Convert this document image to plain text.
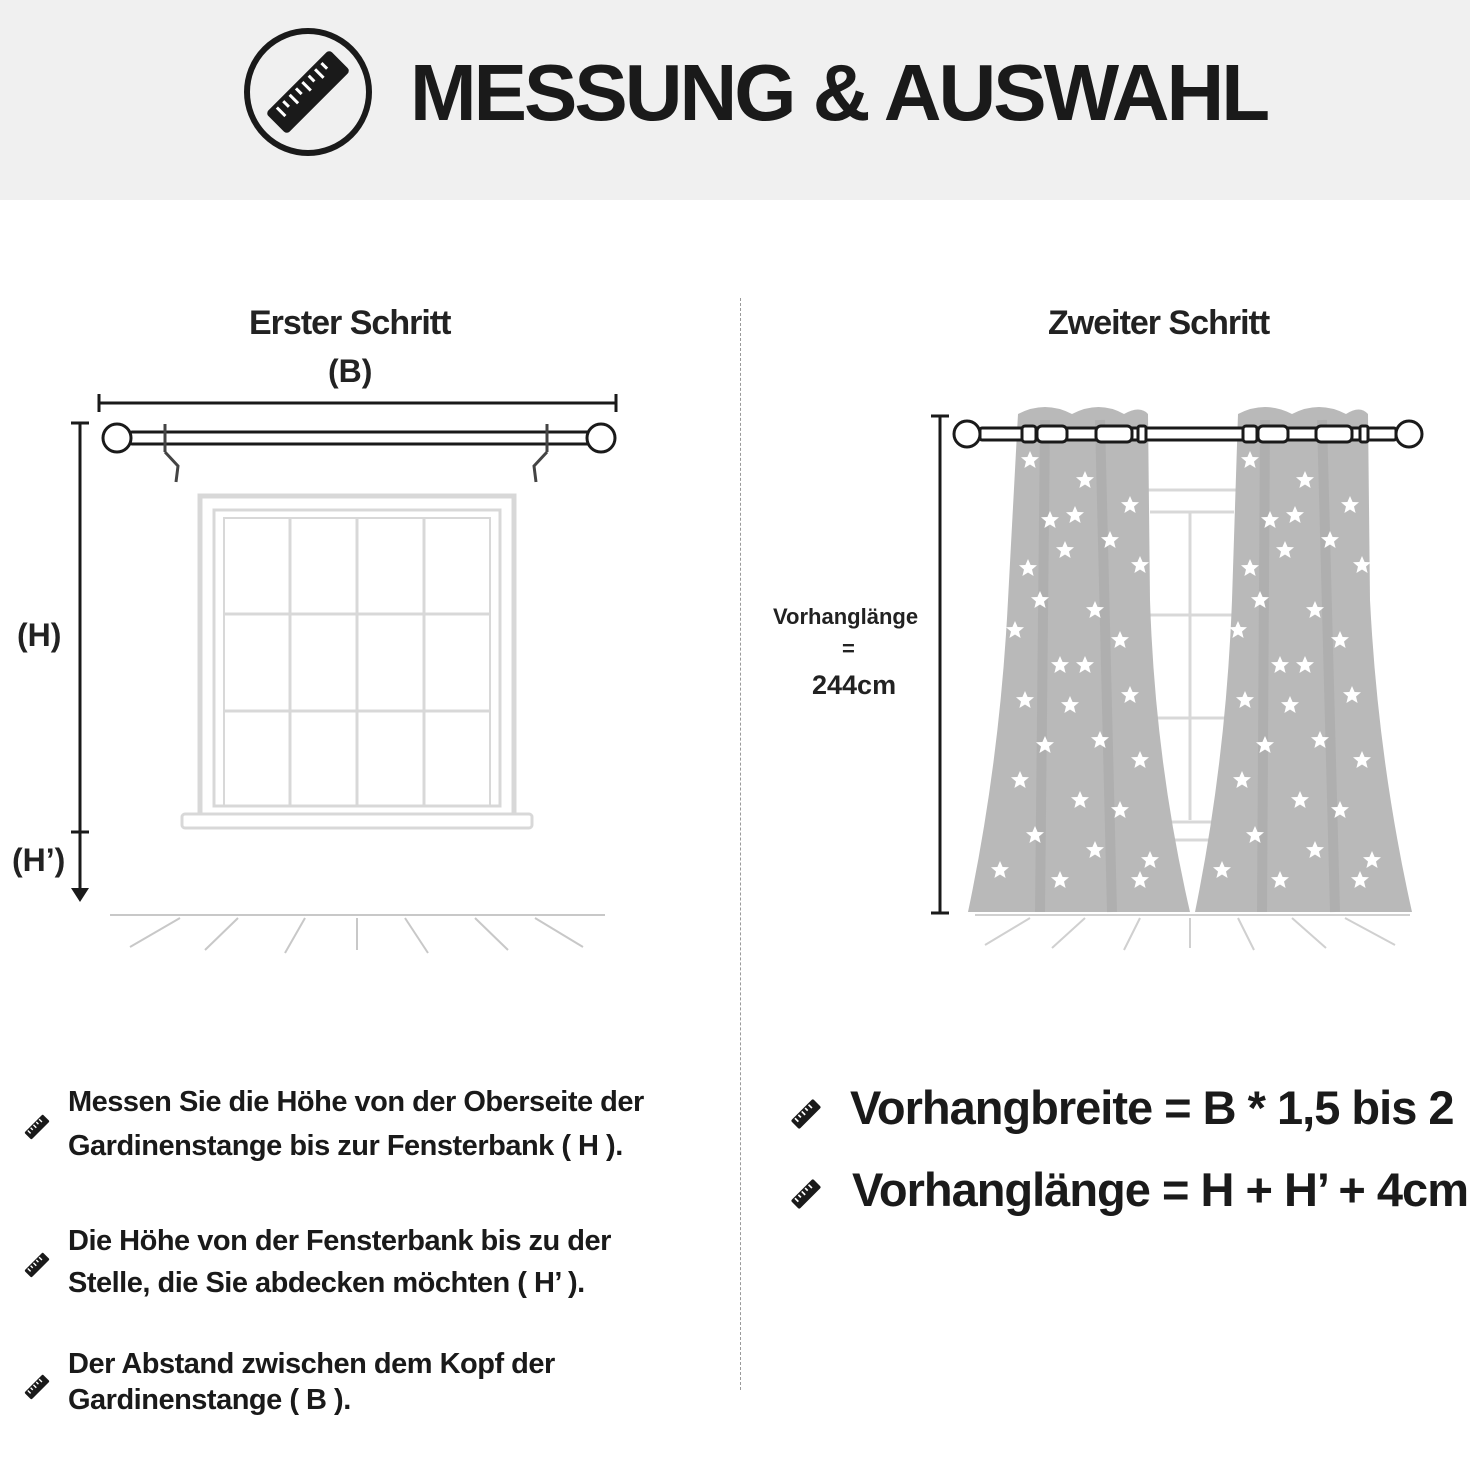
MESSUNG & AUSWAHL
Erster Schritt
(B)
(H)
(H’)
Zweiter Schritt
Vorhanglänge
=
244cm
Messen Sie die Höhe von der Oberseite der
Gardinenstange bis zur Fensterbank ( H ).
Die Höhe von der Fensterbank bis zu der
Stelle, die Sie abdecken möchten ( H’ ).
Der Abstand zwischen dem Kopf der
Gardinenstange ( B ).
Vorhangbreite = B * 1,5 bis 2
Vorhanglänge = H + H’ + 4cm
